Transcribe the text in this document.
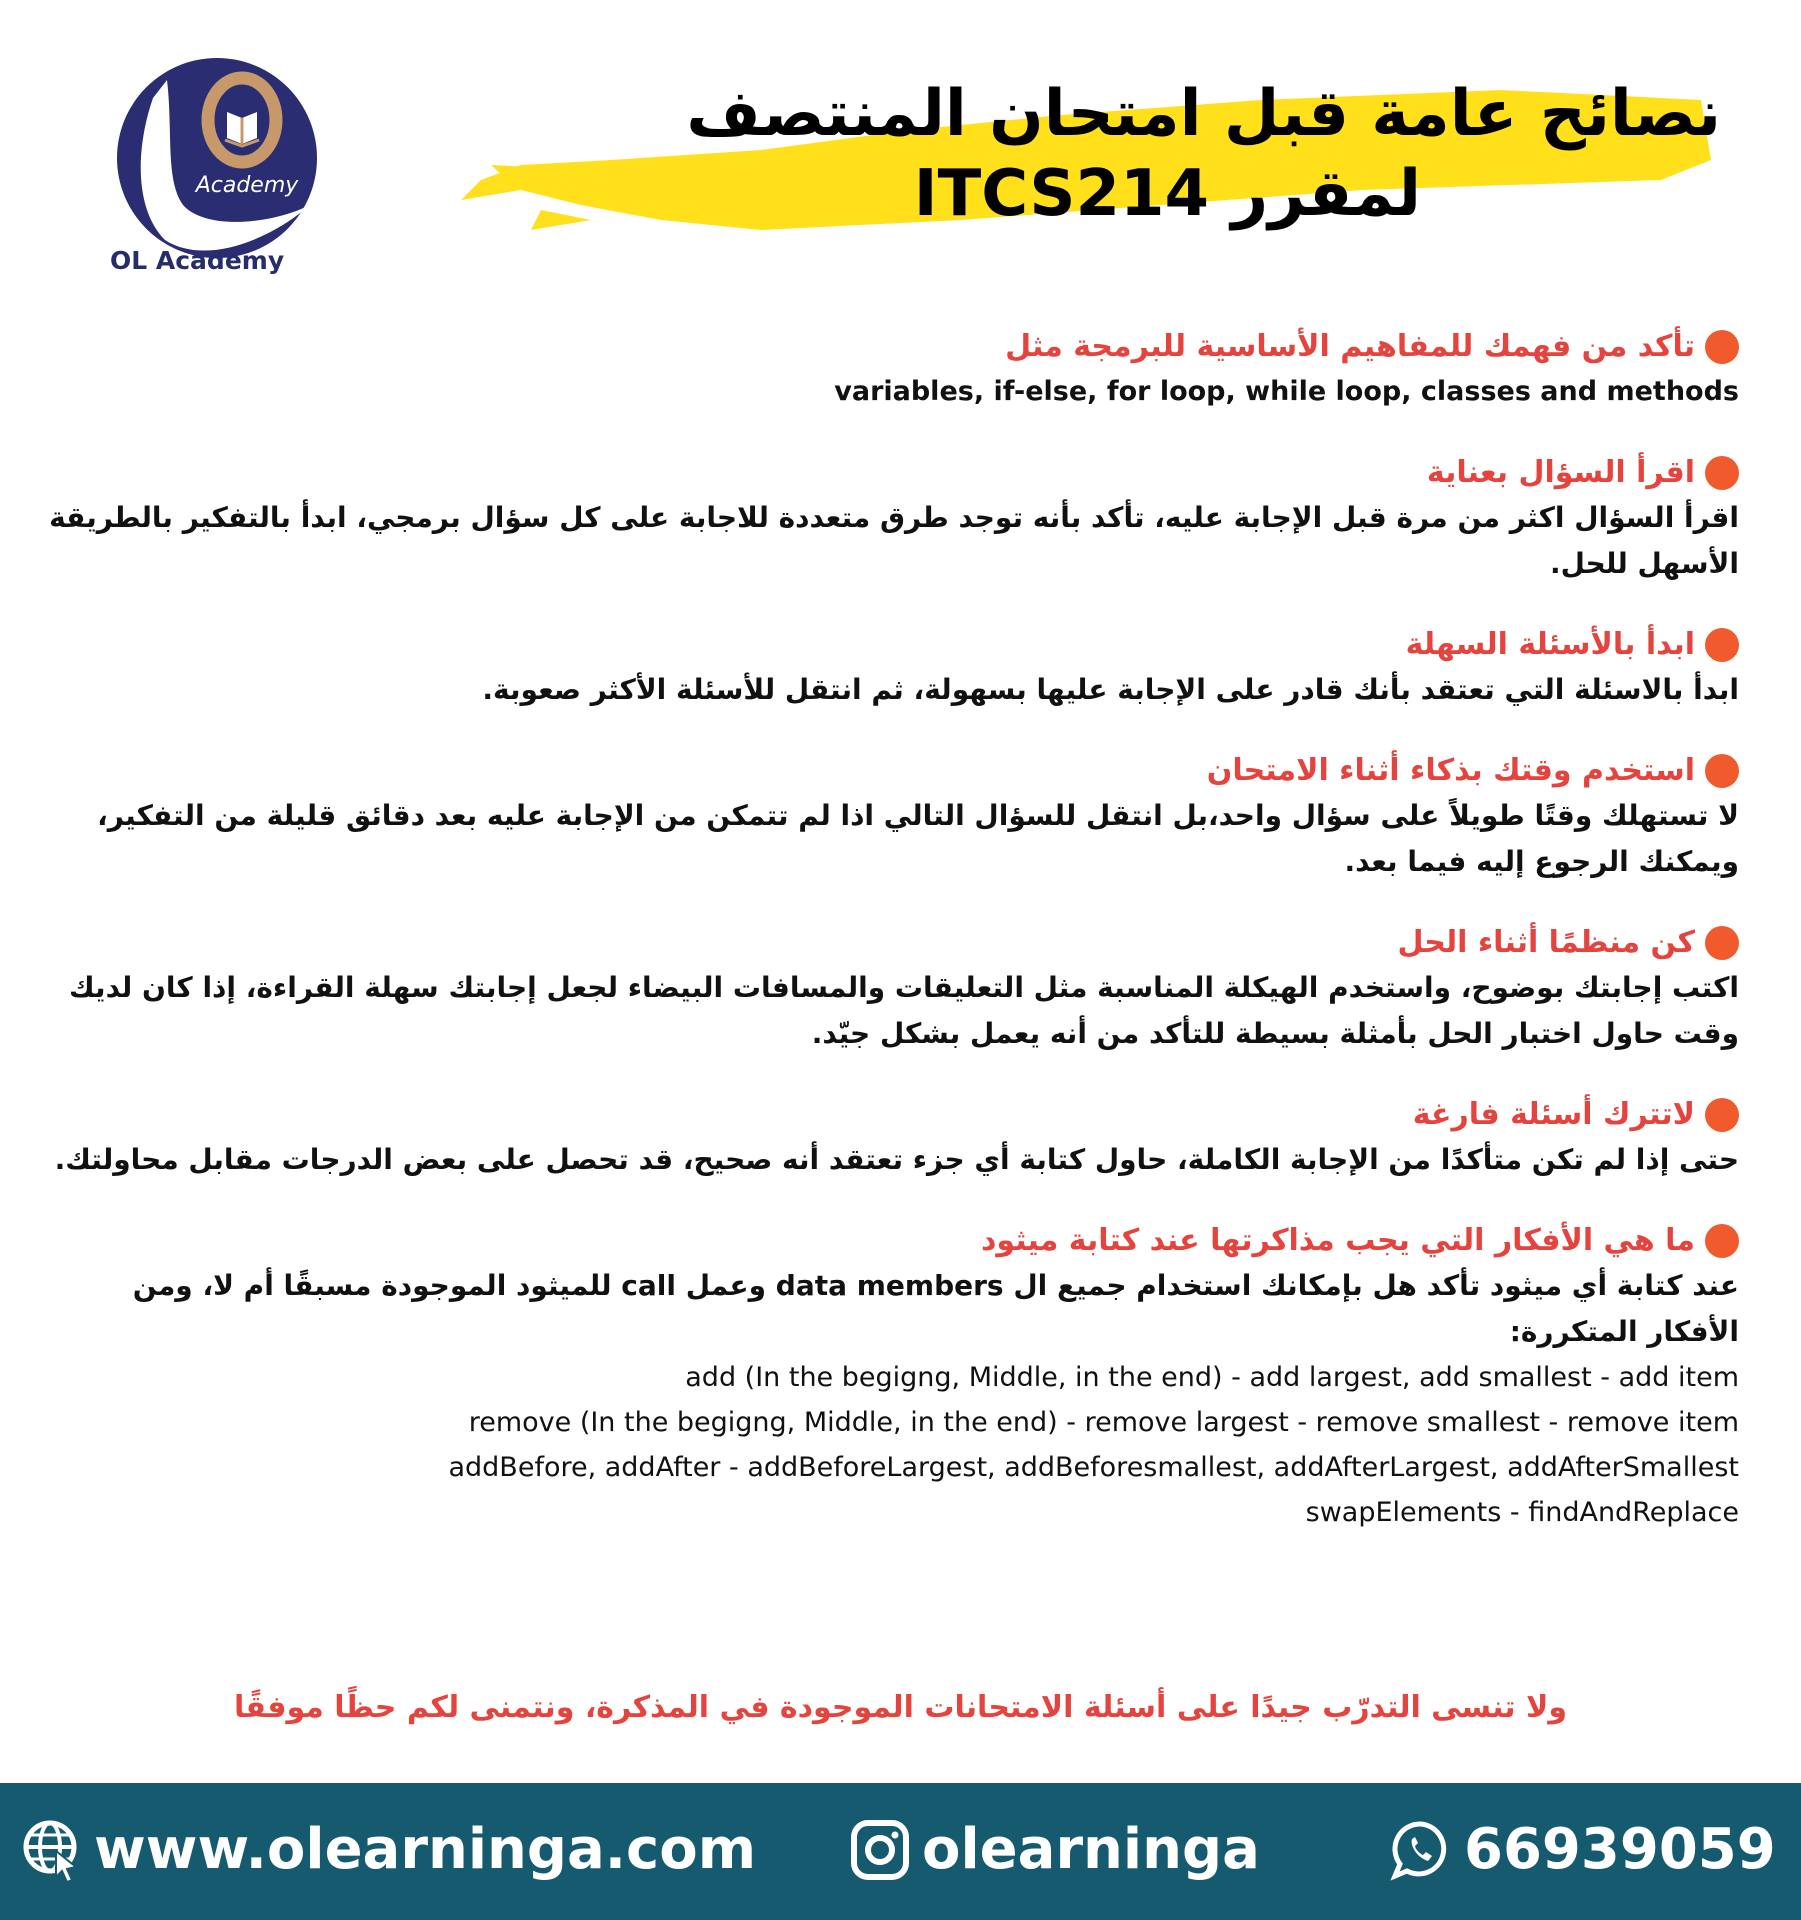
Academy
OL Academy
نصائح عامة قبل امتحان المنتصف
لمقرر ITCS214
تأكد من فهمك للمفاهيم الأساسية للبرمجة مثل
variables, if-else, for loop, while loop, classes and methods
اقرأ السؤال بعناية
اقرأ السؤال اكثر من مرة قبل الإجابة عليه، تأكد بأنه توجد طرق متعددة للاجابة على كل سؤال برمجي، ابدأ بالتفكير بالطريقة الأسهل للحل.
ابدأ بالأسئلة السهلة
ابدأ بالاسئلة التي تعتقد بأنك قادر على الإجابة عليها بسهولة، ثم انتقل للأسئلة الأكثر صعوبة.
استخدم وقتك بذكاء أثناء الامتحان
لا تستهلك وقتًا طويلاً على سؤال واحد،بل انتقل للسؤال التالي اذا لم تتمكن من الإجابة عليه بعد دقائق قليلة من التفكير، ويمكنك الرجوع إليه فيما بعد.
كن منظمًا أثناء الحل
اكتب إجابتك بوضوح، واستخدم الهيكلة المناسبة مثل التعليقات والمسافات البيضاء لجعل إجابتك سهلة القراءة، إذا كان لديك وقت حاول اختبار الحل بأمثلة بسيطة للتأكد من أنه يعمل بشكل جيّد.
لاتترك أسئلة فارغة
حتى إذا لم تكن متأكدًا من الإجابة الكاملة، حاول كتابة أي جزء تعتقد أنه صحيح، قد تحصل على بعض الدرجات مقابل محاولتك.
ما هي الأفكار التي يجب مذاكرتها عند كتابة ميثود
عند كتابة أي ميثود تأكد هل بإمكانك استخدام جميع ال data members وعمل call للميثود الموجودة مسبقًا أم لا، ومن الأفكار المتكررة:
add (In the begigng, Middle, in the end) - add largest, add smallest - add item
remove (In the begigng, Middle, in the end) - remove largest - remove smallest - remove item
addBefore, addAfter - addBeforeLargest, addBeforesmallest, addAfterLargest, addAfterSmallest
swapElements - findAndReplace
ولا تنسى التدرّب جيدًا على أسئلة الامتحانات الموجودة في المذكرة، ونتمنى لكم حظًا موفقًا
www.olearninga.com	olearninga	66939059
